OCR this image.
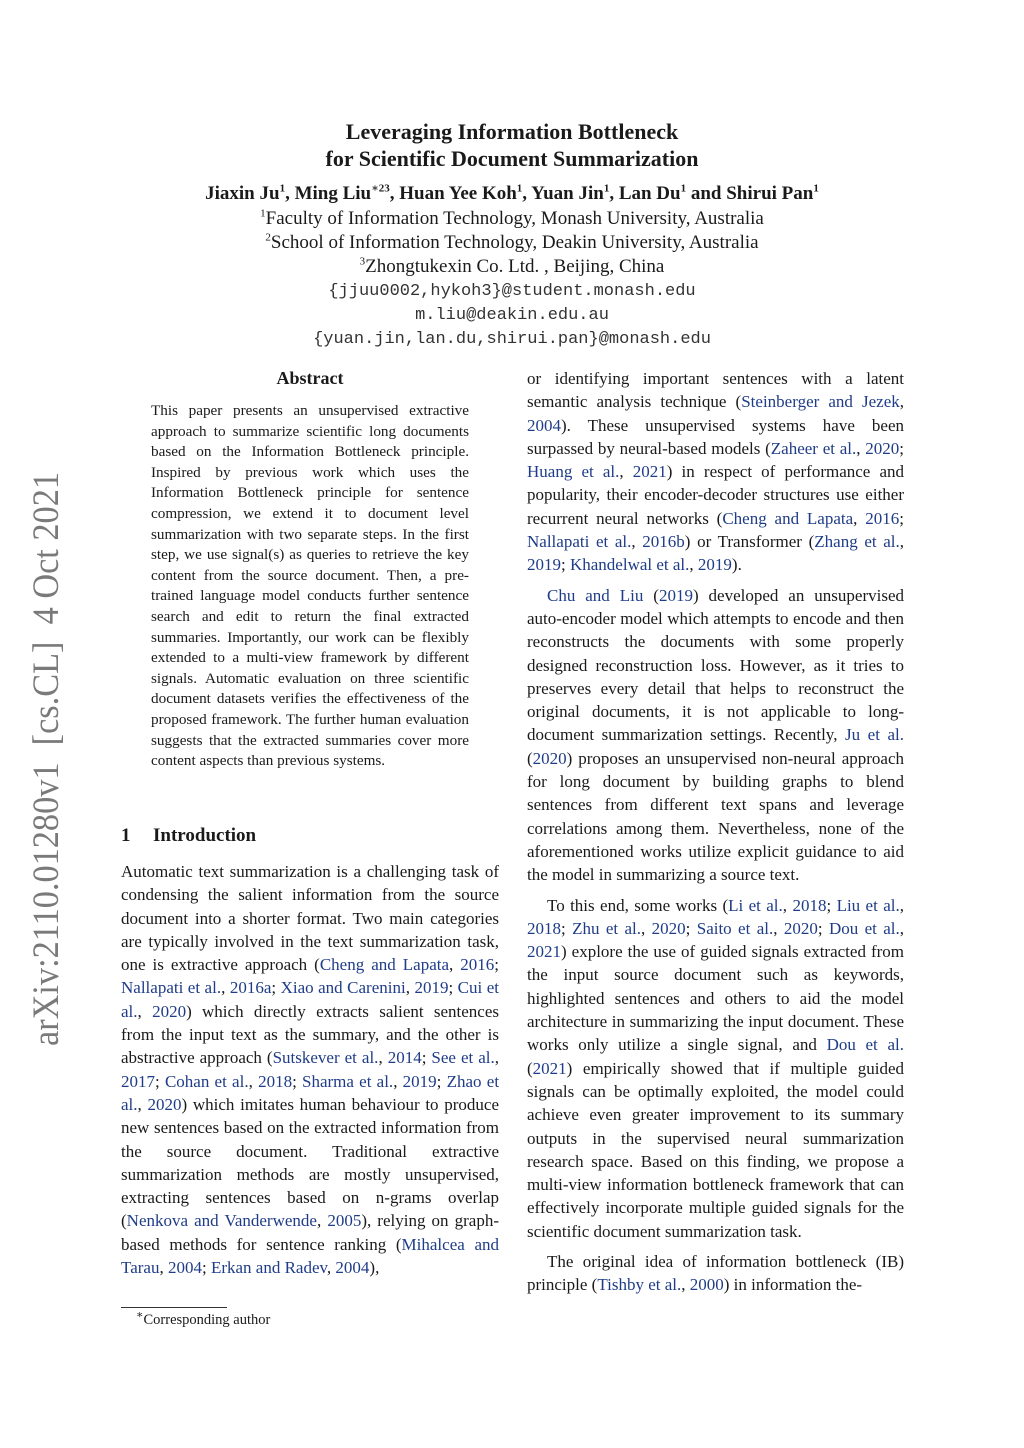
arXiv:2110.01280v1  [cs.CL]  4 Oct 2021
Leveraging Information Bottleneck
for Scientific Document Summarization
Jiaxin Ju$^1$, Ming Liu$^{∗23}$, Huan Yee Koh$^1$, Yuan Jin$^1$, Lan Du$^1$ and Shirui Pan$^1$
$^1$Faculty of Information Technology, Monash University, Australia
$^2$School of Information Technology, Deakin University, Australia
$^3$Zhongtukexin Co. Ltd. , Beijing, China
{jjuu0002,hykoh3}@student.monash.edu
m.liu@deakin.edu.au
{yuan.jin,lan.du,shirui.pan}@monash.edu
Abstract
This paper presents an unsupervised extractive approach to summarize scientific long documents based on the Information Bottleneck principle. Inspired by previous work which uses the Information Bottleneck principle for sentence compression, we extend it to document level summarization with two separate steps. In the first step, we use signal(s) as queries to retrieve the key content from the source document. Then, a pre-trained language model conducts further sentence search and edit to return the final extracted summaries. Importantly, our work can be flexibly extended to a multi-view framework by different signals. Automatic evaluation on three scientific document datasets verifies the effectiveness of the proposed framework. The further human evaluation suggests that the extracted summaries cover more content aspects than previous systems.
1 Introduction

Automatic text summarization is a challenging task of condensing the salient information from the source document into a shorter format. Two main categories are typically involved in the text summarization task, one is extractive approach (Cheng and Lapata, 2016; Nallapati et al., 2016a; Xiao and Carenini, 2019; Cui et al., 2020) which directly extracts salient sentences from the input text as the summary, and the other is abstractive approach (Sutskever et al., 2014; See et al., 2017; Cohan et al., 2018; Sharma et al., 2019; Zhao et al., 2020) which imitates human behaviour to produce new sentences based on the extracted information from the source document. Traditional extractive summarization methods are mostly unsupervised, extracting sentences based on n-grams overlap (Nenkova and Vanderwende, 2005), relying on graph-based methods for sentence ranking (Mihalcea and Tarau, 2004; Erkan and Radev, 2004),

or identifying important sentences with a latent semantic analysis technique (Steinberger and Jezek, 2004). These unsupervised systems have been surpassed by neural-based models (Zaheer et al., 2020; Huang et al., 2021) in respect of performance and popularity, their encoder-decoder structures use either recurrent neural networks (Cheng and Lapata, 2016; Nallapati et al., 2016b) or Transformer (Zhang et al., 2019; Khandelwal et al., 2019).

Chu and Liu (2019) developed an unsupervised auto-encoder model which attempts to encode and then reconstructs the documents with some properly designed reconstruction loss. However, as it tries to preserves every detail that helps to reconstruct the original documents, it is not applicable to long-document summarization settings. Recently, Ju et al. (2020) proposes an unsupervised non-neural approach for long document by building graphs to blend sentences from different text spans and leverage correlations among them. Nevertheless, none of the aforementioned works utilize explicit guidance to aid the model in summarizing a source text.

To this end, some works (Li et al., 2018; Liu et al., 2018; Zhu et al., 2020; Saito et al., 2020; Dou et al., 2021) explore the use of guided signals extracted from the input source document such as keywords, highlighted sentences and others to aid the model architecture in summarizing the input document. These works only utilize a single signal, and Dou et al. (2021) empirically showed that if multiple guided signals can be optimally exploited, the model could achieve even greater improvement to its summary outputs in the supervised neural summarization research space. Based on this finding, we propose a multi-view information bottleneck framework that can effectively incorporate multiple guided signals for the scientific document summarization task.

The original idea of information bottleneck (IB) principle (Tishby et al., 2000) in information the-

∗Corresponding author
